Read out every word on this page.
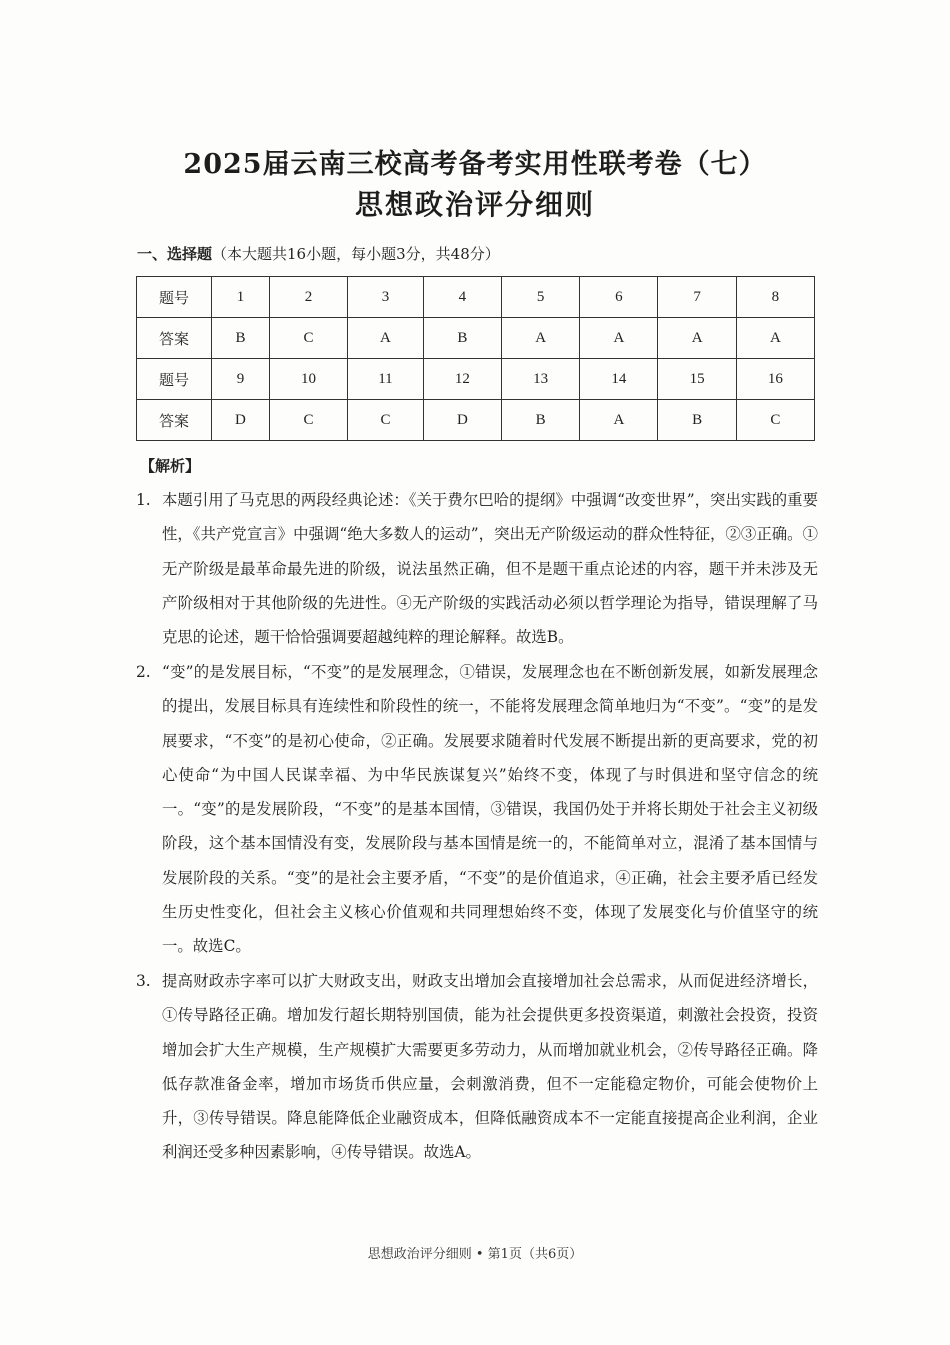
2025届云南三校高考备考实用性联考卷（七）
思想政治评分细则
一、选择题（本大题共16小题，每小题3分，共48分）
题号	1	2	3	4	5	6	7	8
答案	B	C	A	B	A	A	A	A
题号	9	10	11	12	13	14	15	16
答案	D	C	C	D	B	A	B	C
【解析】
1. 本题引用了马克思的两段经典论述：《关于费尔巴哈的提纲》中强调“改变世界”，突出实践的重要性，《共产党宣言》中强调“绝大多数人的运动”，突出无产阶级运动的群众性特征，②③正确。①无产阶级是最革命最先进的阶级，说法虽然正确，但不是题干重点论述的内容，题干并未涉及无产阶级相对于其他阶级的先进性。④无产阶级的实践活动必须以哲学理论为指导，错误理解了马克思的论述，题干恰恰强调要超越纯粹的理论解释。故选B。
2. “变”的是发展目标，“不变”的是发展理念，①错误，发展理念也在不断创新发展，如新发展理念的提出，发展目标具有连续性和阶段性的统一，不能将发展理念简单地归为“不变”。“变”的是发展要求，“不变”的是初心使命，②正确。发展要求随着时代发展不断提出新的更高要求，党的初心使命“为中国人民谋幸福、为中华民族谋复兴”始终不变，体现了与时俱进和坚守信念的统一。“变”的是发展阶段，“不变”的是基本国情，③错误，我国仍处于并将长期处于社会主义初级阶段，这个基本国情没有变，发展阶段与基本国情是统一的，不能简单对立，混淆了基本国情与发展阶段的关系。“变”的是社会主要矛盾，“不变”的是价值追求，④正确，社会主要矛盾已经发生历史性变化，但社会主义核心价值观和共同理想始终不变，体现了发展变化与价值坚守的统一。故选C。
3. 提高财政赤字率可以扩大财政支出，财政支出增加会直接增加社会总需求，从而促进经济增长，①传导路径正确。增加发行超长期特别国债，能为社会提供更多投资渠道，刺激社会投资，投资增加会扩大生产规模，生产规模扩大需要更多劳动力，从而增加就业机会，②传导路径正确。降低存款准备金率，增加市场货币供应量，会刺激消费，但不一定能稳定物价，可能会使物价上升，③传导错误。降息能降低企业融资成本，但降低融资成本不一定能直接提高企业利润，企业利润还受多种因素影响，④传导错误。故选A。
思想政治评分细则 • 第1页（共6页）
